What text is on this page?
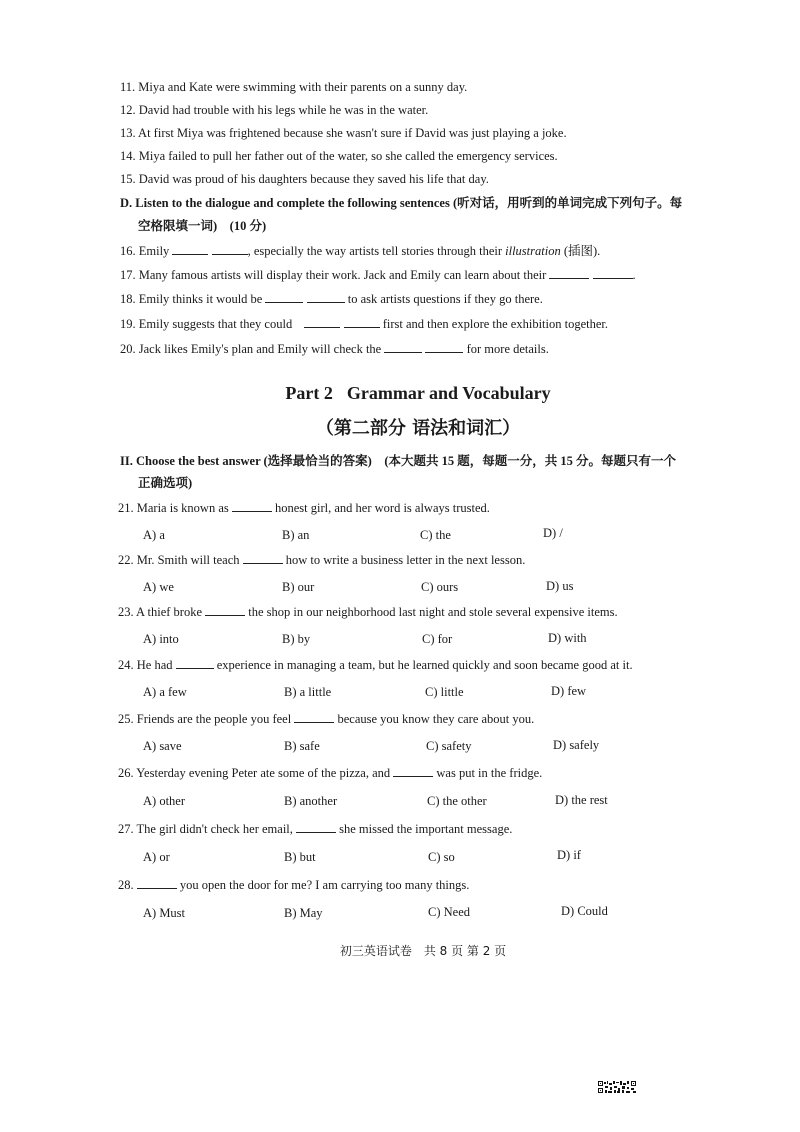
11. Miya and Kate were swimming with their parents on a sunny day.
12. David had trouble with his legs while he was in the water.
13. At first Miya was frightened because she wasn't sure if David was just playing a joke.
14. Miya failed to pull her father out of the water, so she called the emergency services.
15. David was proud of his daughters because they saved his life that day.
D. Listen to the dialogue and complete the following sentences (听对话，用听到的单词完成下列句子。每
空格限填一词)　(10 分)
16. Emily	, especially the way artists tell stories through their illustration (插图).
17. Many famous artists will display their work. Jack and Emily can learn about their	.
18. Emily thinks it would be	to ask artists questions if they go there.
19. Emily suggests that they could	first and then explore the exhibition together.
20. Jack likes Emily's plan and Emily will check the	for more details.
Part 2 Grammar and Vocabulary
（第二部分 语法和词汇）
II. Choose the best answer (选择最恰当的答案)　(本大题共 15 题，每题一分，共 15 分。每题只有一个
正确选项)
21. Maria is known as	honest girl, and her word is always trusted.
A) a	B) an	C) the	D) /
22. Mr. Smith will teach	how to write a business letter in the next lesson.
A) we	B) our	C) ours	D) us
23. A thief broke	the shop in our neighborhood last night and stole several expensive items.
A) into	B) by	C) for	D) with
24. He had	experience in managing a team, but he learned quickly and soon became good at it.
A) a few	B) a little	C) little	D) few
25. Friends are the people you feel	because you know they care about you.
A) save	B) safe	C) safety	D) safely
26. Yesterday evening Peter ate some of the pizza, and	was put in the fridge.
A) other	B) another	C) the other	D) the rest
27. The girl didn't check her email,	she missed the important message.
A) or	B) but	C) so	D) if
28.	you open the door for me? I am carrying too many things.
A) Must	B) May	C) Need	D) Could
初三英语试卷　共 8 页 第 2 页
